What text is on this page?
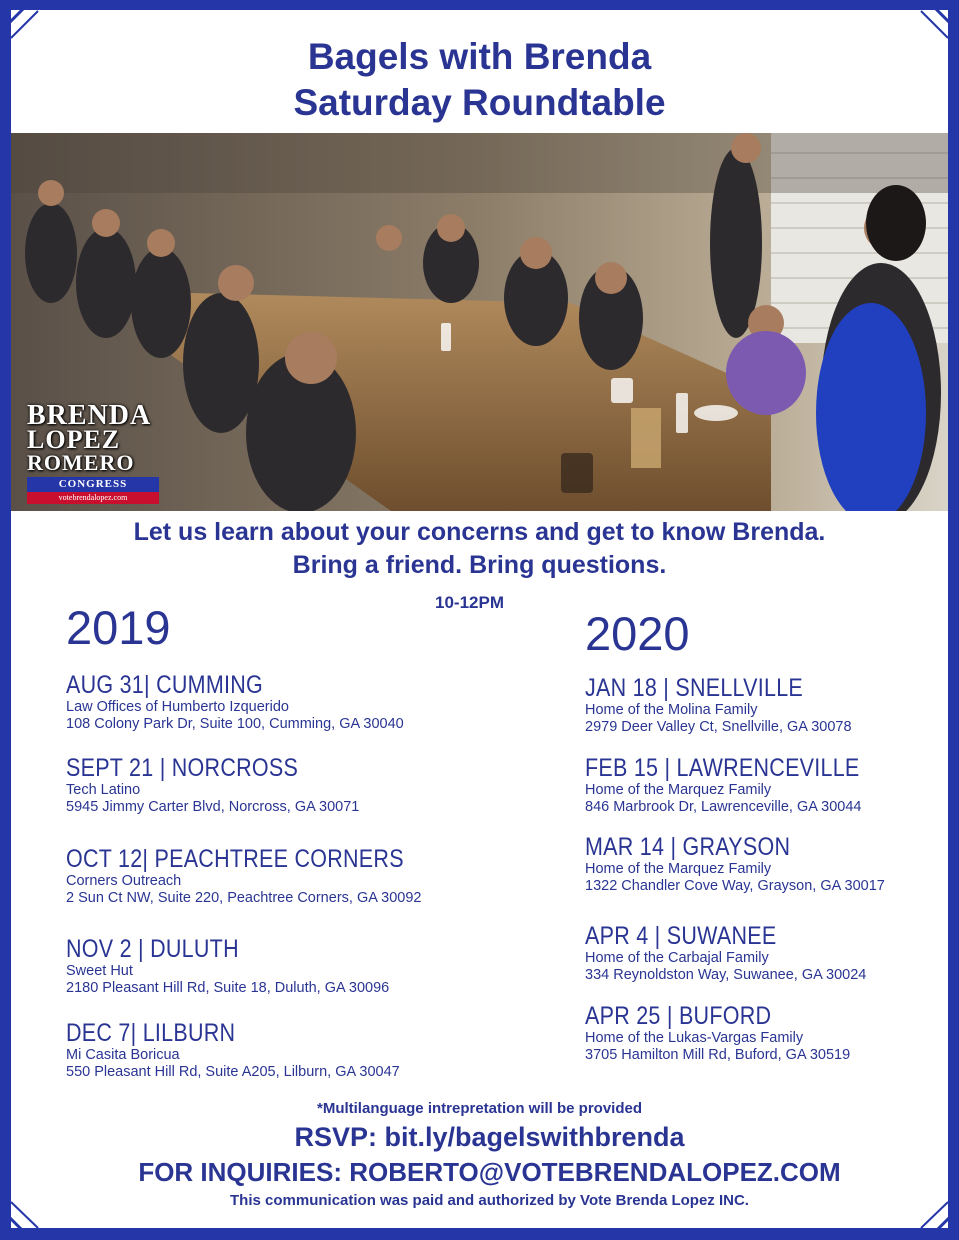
Bagels with Brenda
Saturday Roundtable
BRENDA
LOPEZ
ROMERO
CONGRESS
votebrendalopez.com
Let us learn about your concerns and get to know Brenda.
Bring a friend. Bring questions.
10-12PM
2019	2020
AUG 31| CUMMING
Law Offices of Humberto Izquerido
108 Colony Park Dr, Suite 100, Cumming, GA 30040
SEPT 21 | NORCROSS
Tech Latino
5945 Jimmy Carter Blvd, Norcross, GA 30071
OCT 12| PEACHTREE CORNERS
Corners Outreach
2 Sun Ct NW, Suite 220, Peachtree Corners, GA 30092
NOV 2 | DULUTH
Sweet Hut
2180 Pleasant Hill Rd, Suite 18, Duluth, GA 30096
DEC 7| LILBURN
Mi Casita Boricua
550 Pleasant Hill Rd, Suite A205, Lilburn, GA 30047
JAN 18 | SNELLVILLE
Home of the Molina Family
2979 Deer Valley Ct, Snellville, GA 30078
FEB 15 | LAWRENCEVILLE
Home of the Marquez Family
846 Marbrook Dr, Lawrenceville, GA 30044
MAR 14 | GRAYSON
Home of the Marquez Family
1322 Chandler Cove Way, Grayson, GA 30017
APR 4 | SUWANEE
Home of the Carbajal Family
334 Reynoldston Way, Suwanee, GA 30024
APR 25 | BUFORD
Home of the Lukas-Vargas Family
3705 Hamilton Mill Rd, Buford, GA 30519
*Multilanguage intrepretation will be provided
RSVP: bit.ly/bagelswithbrenda
FOR INQUIRIES: ROBERTO@VOTEBRENDALOPEZ.COM
This communication was paid and authorized by Vote Brenda Lopez INC.
